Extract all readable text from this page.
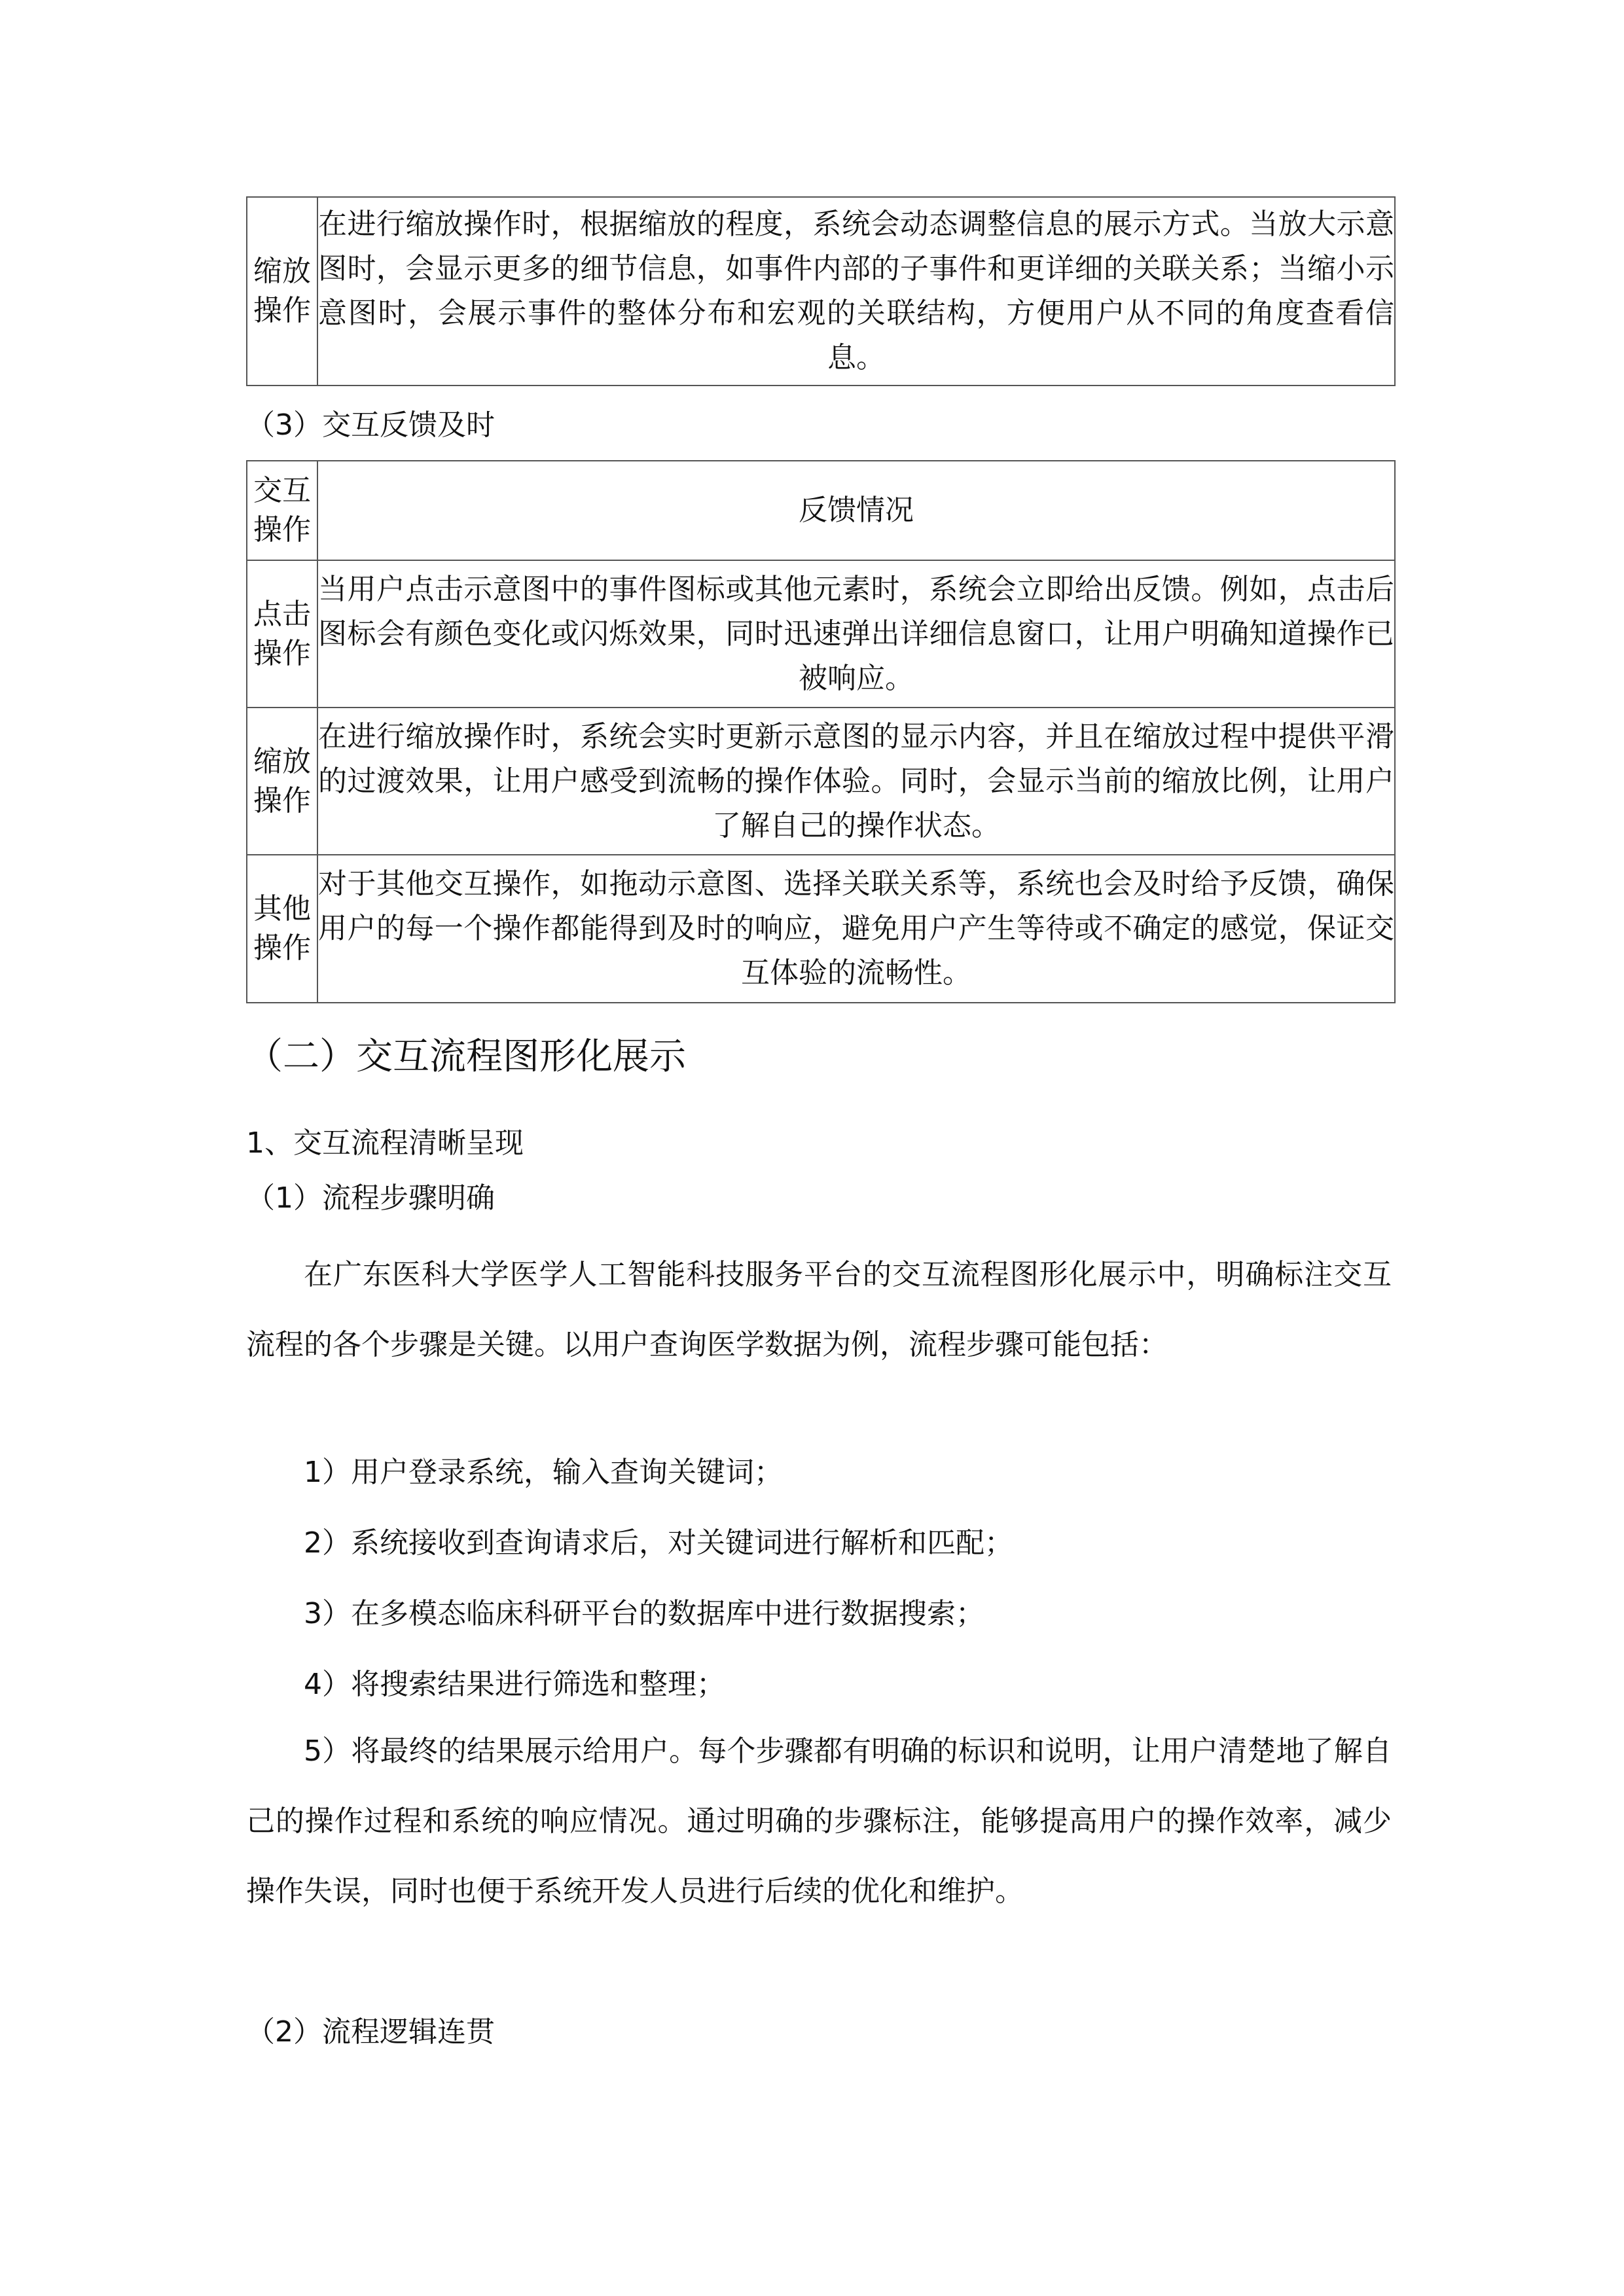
缩放
操作
	在进行缩放操作时，根据缩放的程度，系统会动态调整信息的展示方式。当放大示意图时，会显示更多的细节信息，如事件内部的子事件和更详细的关联关系；当缩小示意图时，会展示事件的整体分布和宏观的关联结构，方便用户从不同的角度查看信息。
（3）交互反馈及时
交互
操作	反馈情况

点击
操作	当用户点击示意图中的事件图标或其他元素时，系统会立即给出反馈。例如，点击后图标会有颜色变化或闪烁效果，同时迅速弹出详细信息窗口，让用户明确知道操作已被响应。

缩放
操作	在进行缩放操作时，系统会实时更新示意图的显示内容，并且在缩放过程中提供平滑的过渡效果，让用户感受到流畅的操作体验。同时，会显示当前的缩放比例，让用户了解自己的操作状态。

其他
操作	对于其他交互操作，如拖动示意图、选择关联关系等，系统也会及时给予反馈，确保用户的每一个操作都能得到及时的响应，避免用户产生等待或不确定的感觉，保证交互体验的流畅性。
（二）交互流程图形化展示
1、交互流程清晰呈现
（1）流程步骤明确
在广东医科大学医学人工智能科技服务平台的交互流程图形化展示中，明确标注交互流程的各个步骤是关键。以用户查询医学数据为例，流程步骤可能包括：
1）用户登录系统，输入查询关键词；
2）系统接收到查询请求后，对关键词进行解析和匹配；
3）在多模态临床科研平台的数据库中进行数据搜索；
4）将搜索结果进行筛选和整理；
5）将最终的结果展示给用户。每个步骤都有明确的标识和说明，让用户清楚地了解自己的操作过程和系统的响应情况。通过明确的步骤标注，能够提高用户的操作效率，减少操作失误，同时也便于系统开发人员进行后续的优化和维护。
（2）流程逻辑连贯
